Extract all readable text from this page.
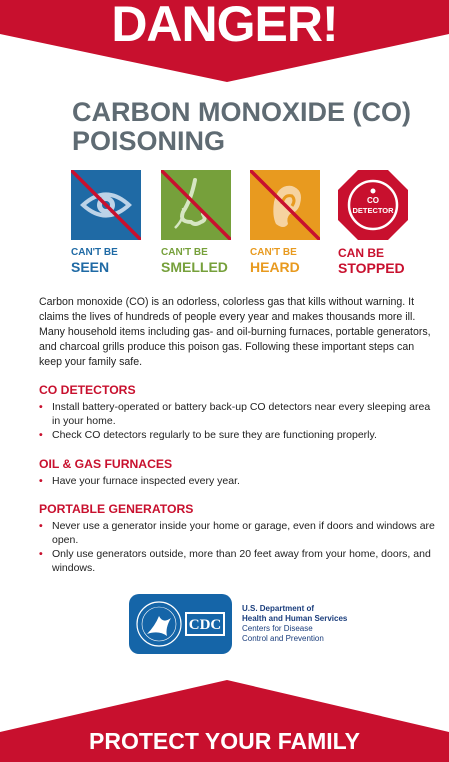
DANGER!
CARBON MONOXIDE (CO)
POISONING
CAN'T BE
SEEN
CAN'T BE
SMELLED
CAN'T BE
HEARD
CO
DETECTOR
CAN BE
STOPPED
Carbon monoxide (CO) is an odorless, colorless gas that kills without warning. It claims the lives of hundreds of people every year and makes thousands more ill. Many household items including gas- and oil-burning furnaces, portable generators, and charcoal grills produce this poison gas. Following these important steps can keep your family safe.
CO DETECTORS
• Install battery-operated or battery back-up CO detectors near every sleeping area in your home.
• Check CO detectors regularly to be sure they are functioning properly.
OIL & GAS FURNACES
• Have your furnace inspected every year.
PORTABLE GENERATORS
• Never use a generator inside your home or garage, even if doors and windows are open.
• Only use generators outside, more than 20 feet away from your home, doors, and windows.
CDC
U.S. Department of
Health and Human Services
Centers for Disease
Control and Prevention
PROTECT YOUR FAMILY
